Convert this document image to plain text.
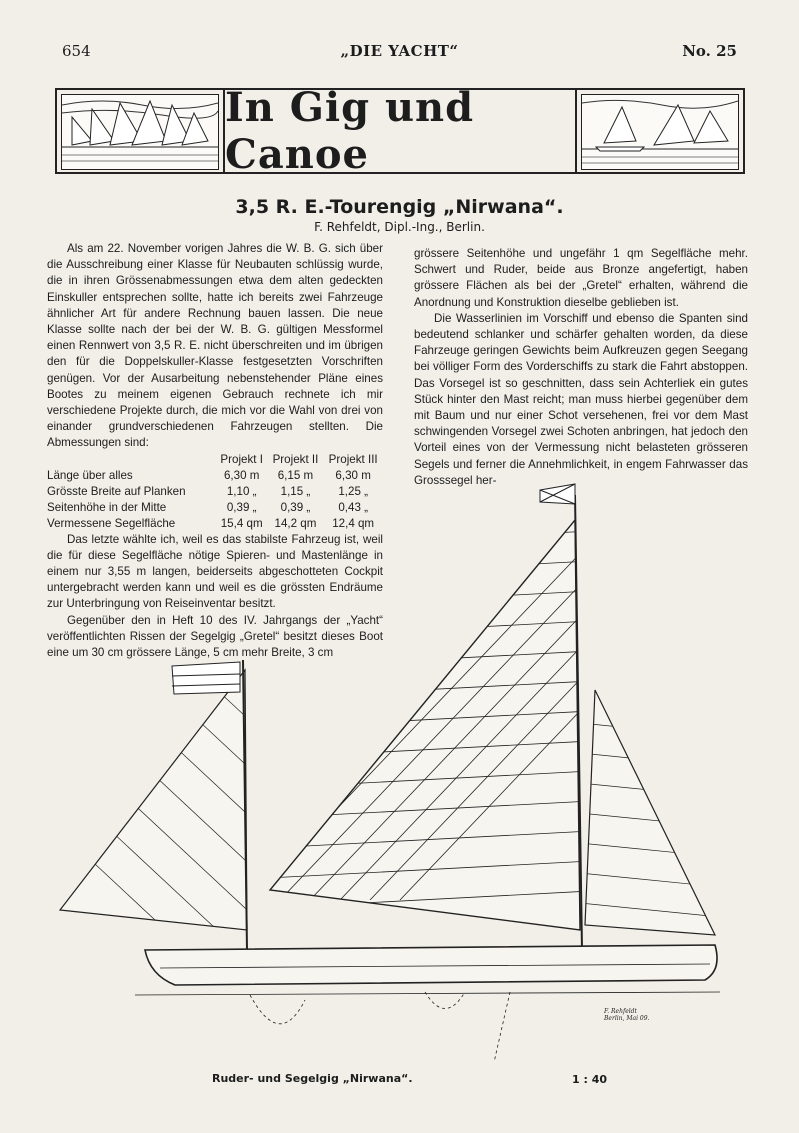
654	„DIE YACHT“	No. 25
In Gig und Canoe
3,5 R. E.-Tourengig „Nirwana“.
F. Rehfeldt, Dipl.-Ing., Berlin.

Als am 22. November vorigen Jahres die W. B. G. sich über die Ausschreibung einer Klasse für Neubauten schlüssig wurde, die in ihren Grössenabmessungen etwa dem alten gedeckten Einskuller entsprechen sollte, hatte ich bereits zwei Fahrzeuge ähnlicher Art für andere Rechnung bauen lassen. Die neue Klasse sollte nach der bei der W. B. G. gültigen Messformel einen Rennwert von 3,5 R. E. nicht überschreiten und im übrigen den für die Doppelskuller-Klasse festgesetzten Vorschriften genügen. Vor der Ausarbeitung nebenstehender Pläne eines Bootes zu meinem eigenen Gebrauch rechnete ich mir verschiedene Projekte durch, die mich vor die Wahl von drei von einander grundverschiedenen Fahrzeugen stellten. Die Abmessungen sind:

	Projekt I	Projekt II	Projekt III
Länge über alles	6,30 m	6,15 m	6,30 m
Grösste Breite auf Planken	1,10 „	1,15 „	1,25 „
Seitenhöhe in der Mitte	0,39 „	0,39 „	0,43 „
Vermessene Segelfläche	15,4 qm	14,2 qm	12,4 qm

Das letzte wählte ich, weil es das stabilste Fahrzeug ist, weil die für diese Segelfläche nötige Spieren- und Mastenlänge in einem nur 3,55 m langen, beiderseits abgeschotteten Cockpit untergebracht werden kann und weil es die grössten Endräume zur Unterbringung von Reiseinventar besitzt.

Gegenüber den in Heft 10 des IV. Jahrgangs der „Yacht“ veröffentlichten Rissen der Segelgig „Gretel“ besitzt dieses Boot eine um 30 cm grössere Länge, 5 cm mehr Breite, 3 cm

grössere Seitenhöhe und ungefähr 1 qm Segelfläche mehr. Schwert und Ruder, beide aus Bronze angefertigt, haben grössere Flächen als bei der „Gretel“ erhalten, während die Anordnung und Konstruktion dieselbe geblieben ist.

Die Wasserlinien im Vorschiff und ebenso die Spanten sind bedeutend schlanker und schärfer gehalten worden, da diese Fahrzeuge geringen Gewichts beim Aufkreuzen gegen Seegang bei völliger Form des Vorderschiffs zu stark die Fahrt abstoppen. Das Vorsegel ist so geschnitten, dass sein Achterliek ein gutes Stück hinter den Mast reicht; man muss hierbei gegenüber dem mit Baum und nur einer Schot versehenen, frei vor dem Mast schwingenden Vorsegel zwei Schoten anbringen, hat jedoch den Vorteil eines von der Vermessung nicht belasteten grösseren Segels und ferner die Annehmlichkeit, in engem Fahrwasser das Grosssegel her-

F. Rehfeldt
Berlin, Mai 09.
Ruder- und Segelgig „Nirwana“.	1 : 40
